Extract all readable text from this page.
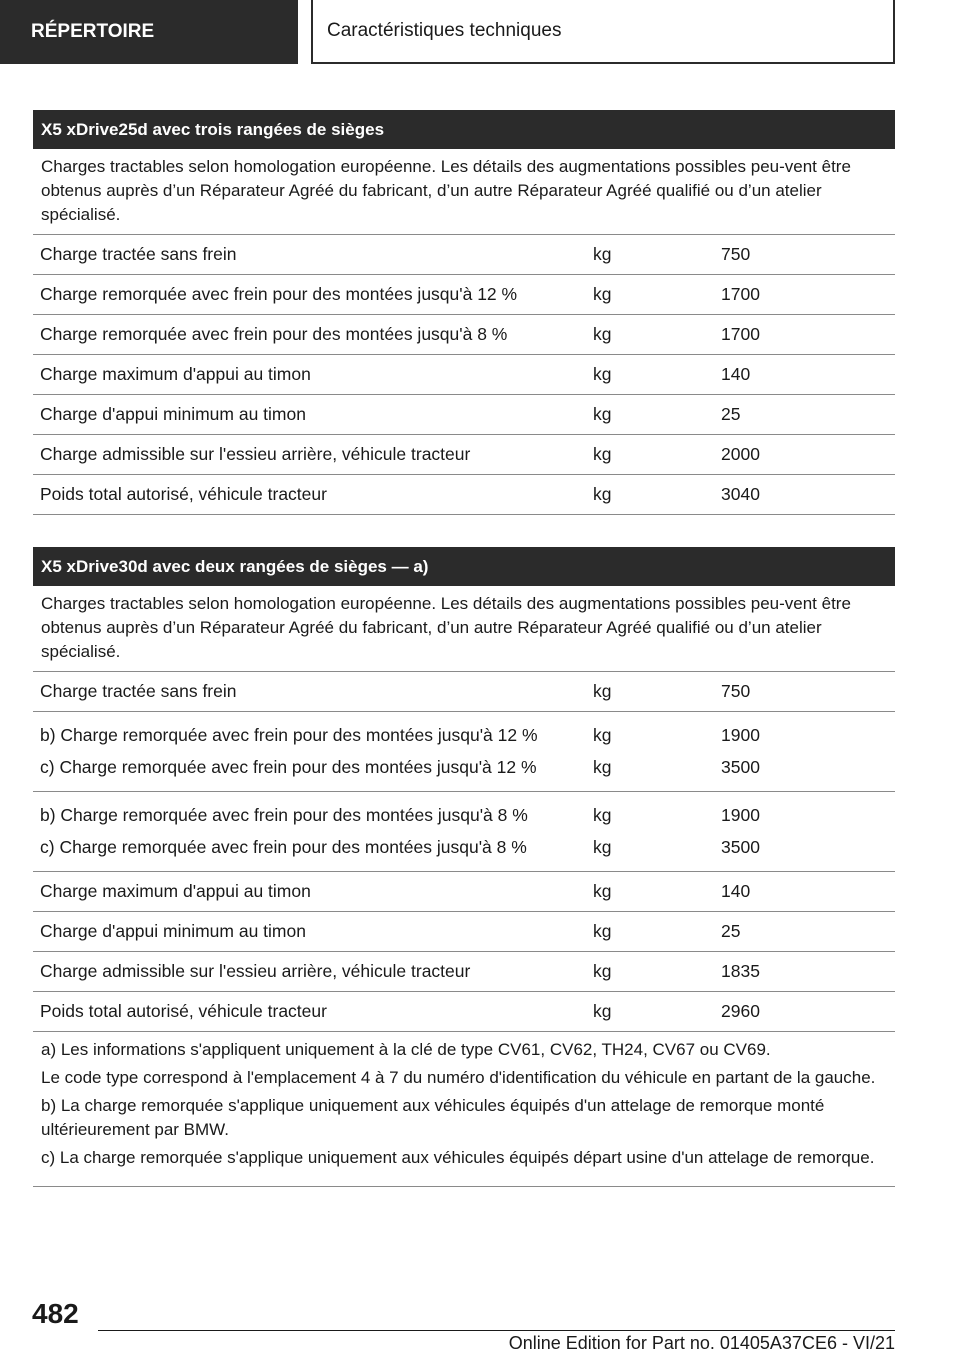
RÉPERTOIRE	Caractéristiques techniques
X5 xDrive25d avec trois rangées de sièges
Charges tractables selon homologation européenne. Les détails des augmentations possibles peu-vent être obtenus auprès d’un Réparateur Agréé du fabricant, d’un autre Réparateur Agréé qualifié ou d’un atelier spécialisé.
Charge tractée sans frein	kg	750
Charge remorquée avec frein pour des montées jusqu'à 12 %	kg	1700
Charge remorquée avec frein pour des montées jusqu'à 8 %	kg	1700
Charge maximum d'appui au timon	kg	140
Charge d'appui minimum au timon	kg	25
Charge admissible sur l'essieu arrière, véhicule tracteur	kg	2000
Poids total autorisé, véhicule tracteur	kg	3040
X5 xDrive30d avec deux rangées de sièges — a)
Charges tractables selon homologation européenne. Les détails des augmentations possibles peu-vent être obtenus auprès d’un Réparateur Agréé du fabricant, d’un autre Réparateur Agréé qualifié ou d’un atelier spécialisé.
Charge tractée sans frein	kg	750
b) Charge remorquée avec frein pour des montées jusqu'à 12 %	kg	1900
c) Charge remorquée avec frein pour des montées jusqu'à 12 %	kg	3500
b) Charge remorquée avec frein pour des montées jusqu'à 8 %	kg	1900
c) Charge remorquée avec frein pour des montées jusqu'à 8 %	kg	3500
Charge maximum d'appui au timon	kg	140
Charge d'appui minimum au timon	kg	25
Charge admissible sur l'essieu arrière, véhicule tracteur	kg	1835
Poids total autorisé, véhicule tracteur	kg	2960

a) Les informations s'appliquent uniquement à la clé de type CV61, CV62, TH24, CV67 ou CV69.

Le code type correspond à l'emplacement 4 à 7 du numéro d'identification du véhicule en partant de la gauche.

b) La charge remorquée s'applique uniquement aux véhicules équipés d'un attelage de remorque monté ultérieurement par BMW.

c) La charge remorquée s'applique uniquement aux véhicules équipés départ usine d'un attelage de remorque.

482
Online Edition for Part no. 01405A37CE6 - VI/21
